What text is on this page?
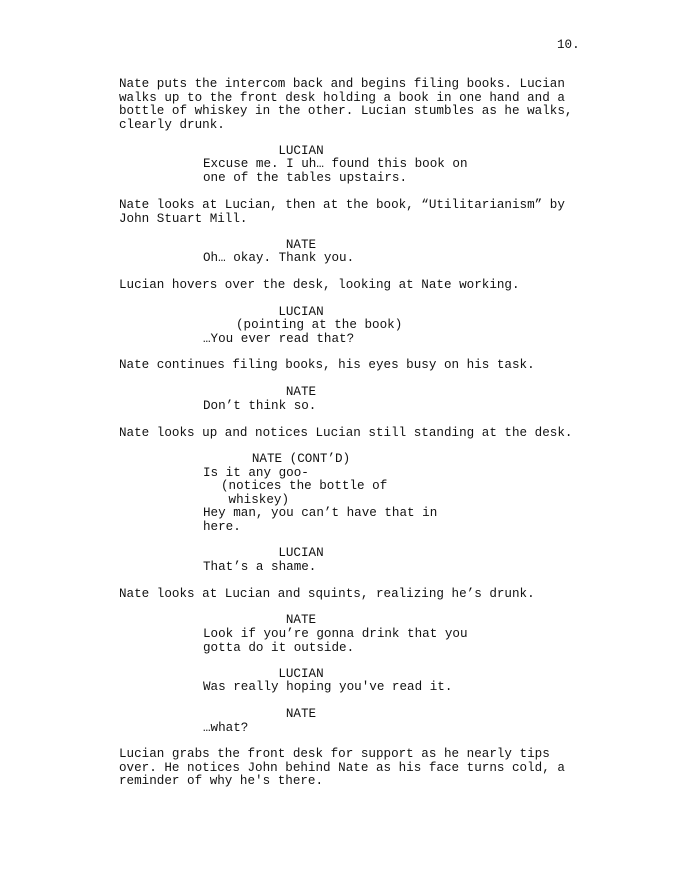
10.

Nate puts the intercom back and begins filing books. Lucian
walks up to the front desk holding a book in one hand and a
bottle of whiskey in the other. Lucian stumbles as he walks,
clearly drunk.

LUCIAN

Excuse me. I uh… found this book on
one of the tables upstairs.

Nate looks at Lucian, then at the book, “Utilitarianism” by
John Stuart Mill.

NATE

Oh… okay. Thank you.

Lucian hovers over the desk, looking at Nate working.

LUCIAN

(pointing at the book)

…You ever read that?

Nate continues filing books, his eyes busy on his task.

NATE

Don’t think so.

Nate looks up and notices Lucian still standing at the desk.

NATE (CONT’D)

Is it any goo-

(notices the bottle of
whiskey)

Hey man, you can’t have that in
here.

LUCIAN

That’s a shame.

Nate looks at Lucian and squints, realizing he’s drunk.

NATE

Look if you’re gonna drink that you
gotta do it outside.

LUCIAN

Was really hoping you've read it.

NATE

…what?

Lucian grabs the front desk for support as he nearly tips
over. He notices John behind Nate as his face turns cold, a
reminder of why he's there.
